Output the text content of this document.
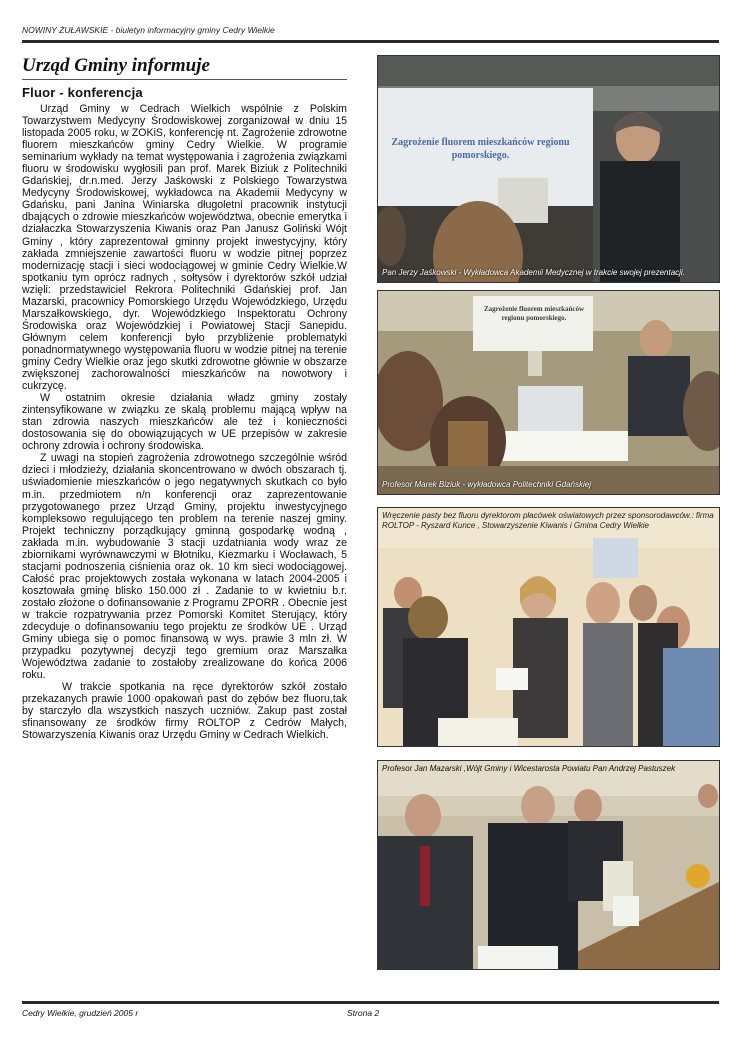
NOWINY ŻUŁAWSKIE - biuletyn informacyjny gminy Cedry Wielkie
Urząd Gminy informuje
Fluor - konferencja

Urząd Gminy w Cedrach Wielkich wspólnie z Polskim Towarzystwem Medycyny Środowiskowej zorganizował w dniu 15 listopada 2005 roku, w ZOKiS, konferencję nt. Zagrożenie zdrowotne fluorem mieszkańców gminy Cedry Wielkie. W programie seminarium wykłady na temat występowania i zagrożenia związkami fluoru w środowisku wygłosili pan prof. Marek Biziuk z Politechniki Gdańskiej, dr.n.med. Jerzy Jaśkowski z Polskiego Towarzystwa Medycyny Środowiskowej, wykładowca na Akademii Medycyny w Gdańsku, pani Janina Winiarska długoletni pracownik instytucji dbających o zdrowie mieszkańców województwa, obecnie emerytka i działaczka Stowarzyszenia Kiwanis oraz Pan Janusz Goliński Wójt Gminy , który zaprezentował gminny projekt inwestycyjny, który zakłada zmniejszenie zawartości fluoru w wodzie pitnej poprzez modernizację stacji i sieci wodociągowej w gminie Cedry Wielkie.W spotkaniu tym oprócz radnych , sołtysów i dyrektorów szkół udział wzięli: przedstawiciel Rekrora Politechniki Gdańskiej prof. Jan Mazarski, pracownicy Pomorskiego Urzędu Wojewódzkiego, Urzędu Marszałkowskiego, dyr. Wojewódzkiego Inspektoratu Ochrony Środowiska oraz Wojewódzkiej i Powiatowej Stacji Sanepidu. Głównym celem konferencji było przybliżenie problematyki ponadnormatywnego występowania fluoru w wodzie pitnej na terenie gminy Cedry Wielkie oraz jego skutki zdrowotne głównie w obszarze zwiększonej zachorowalności mieszkańców na nowotwory i cukrzycę.

W ostatnim okresie działania władz gminy zostały zintensyfikowane w związku ze skalą problemu mającą wpływ na stan zdrowia naszych mieszkańców ale też i konieczności dostosowania się do obowiązujących w UE przepisów w zakresie ochrony zdrowia i ochrony środowiska.

Z uwagi na stopień zagrożenia zdrowotnego szczególnie wśród dzieci i młodzieży, działania skoncentrowano w dwóch obszarach tj. uświadomienie mieszkańców o jego negatywnych skutkach co było m.in. przedmiotem n/n konferencji oraz zaprezentowanie przygotowanego przez Urząd Gminy, projektu inwestycyjnego kompleksowo regulującego ten problem na terenie naszej gminy. Projekt techniczny porządkujący gminną gospodarkę wodną , zakłada m.in. wybudowanie 3 stacji uzdatniania wody wraz ze zbiornikami wyrównawczymi w Błotniku, Kiezmarku i Wocławach, 5 stacjami podnoszenia ciśnienia oraz ok. 10 km sieci wodociągowej. Całość prac projektowych została wykonana w latach 2004-2005 i kosztowała gminę blisko 150.000 zł . Zadanie to w kwietniu b.r. zostało złożone o dofinansowanie z Programu ZPORR . Obecnie jest w trakcie rozpatrywania przez Pomorski Komitet Sterujący, który zdecyduje o dofinansowaniu tego projektu ze środków UE . Urząd Gminy ubiega się o pomoc finansową w wys. prawie 3 mln zł. W przypadku pozytywnej decyzji tego gremium oraz Marszałka Województwa zadanie to zostałoby zrealizowane do końca 2006 roku.

W trakcie spotkania na ręce dyrektorów szkół zostało przekazanych prawie 1000 opakowań past do zębów bez fluoru,tak by starczyło dla wszystkich naszych uczniów. Zakup past został sfinansowany ze środków firmy ROLTOP z Cedrów Małych, Stowarzyszenia Kiwanis oraz Urzędu Gminy w Cedrach Wielkich.

Zagrożenie fluorem mieszkańców regionu pomorskiego.
Pan Jerzy Jaśkowski - Wykładowca Akademii Medycznej w trakcie swojej prezentacji.
Zagrożenie fluorem mieszkańców regionu pomorskiego.
Profesor Marek Biziuk - wykładowca Politechniki Gdańskiej
Wręczenie pasty bez fluoru dyrektorom placówek oświatowych przez sponsorodawców.: firma ROLTOP - Ryszard Kunce , Stowarzyszenie Kiwanis i Gmina Cedry Wielkie
Profesor Jan Mazarski ,Wójt Gminy i Wicestarosta Powiatu Pan Andrzej Pastuszek
Cedry Wielkie, grudzień 2005 r	Strona 2
